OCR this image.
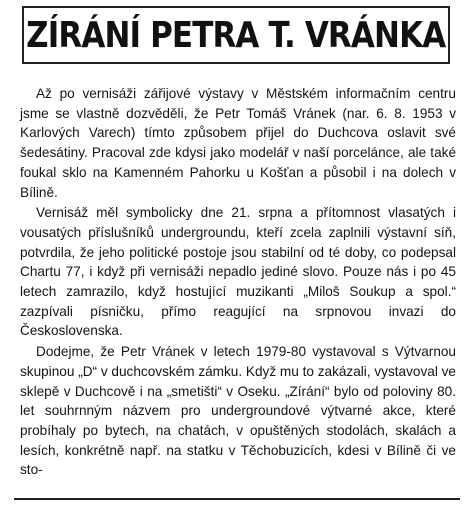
ZÍRÁNÍ PETRA T. VRÁNKA

Až po vernisáži zářijové výstavy v Městském informačním centru jsme se vlastně dozvěděli, že Petr Tomáš Vránek (nar. 6. 8. 1953 v Karlových Varech) tímto způsobem přijel do Duchcova oslavit své šedesátiny. Pracoval zde kdysi jako modelář v naší porcelánce, ale také foukal sklo na Kamenném Pahorku u Košťan a působil i na dolech v Bílině.

Vernisáž měl symbolicky dne 21. srpna a přítomnost vlasatých i vousatých příslušníků undergroundu, kteří zcela zaplnili výstavní síň, potvrdila, že jeho politické postoje jsou stabilní od té doby, co podepsal Chartu 77, i když při vernisáži nepadlo jediné slovo. Pouze nás i po 45 letech zamrazilo, když hostující muzikanti „Miloš Soukup a spol.“ zazpívali písničku, přímo reagující na srpnovou invazi do Československa.

Dodejme, že Petr Vránek v letech 1979-80 vystavoval s Výtvarnou skupinou „D“ v duchcovském zámku. Když mu to zakázali, vystavoval ve sklepě v Duchcově i na „smetišti“ v Oseku. „Zírání“ bylo od poloviny 80. let souhrnným názvem pro undergroundové výtvarné akce, které probíhaly po bytech, na chatách, v opuštěných stodolách, skalách a lesích, konkrétně např. na statku v Těchobuzicích, kdesi v Bílině či ve sto-
